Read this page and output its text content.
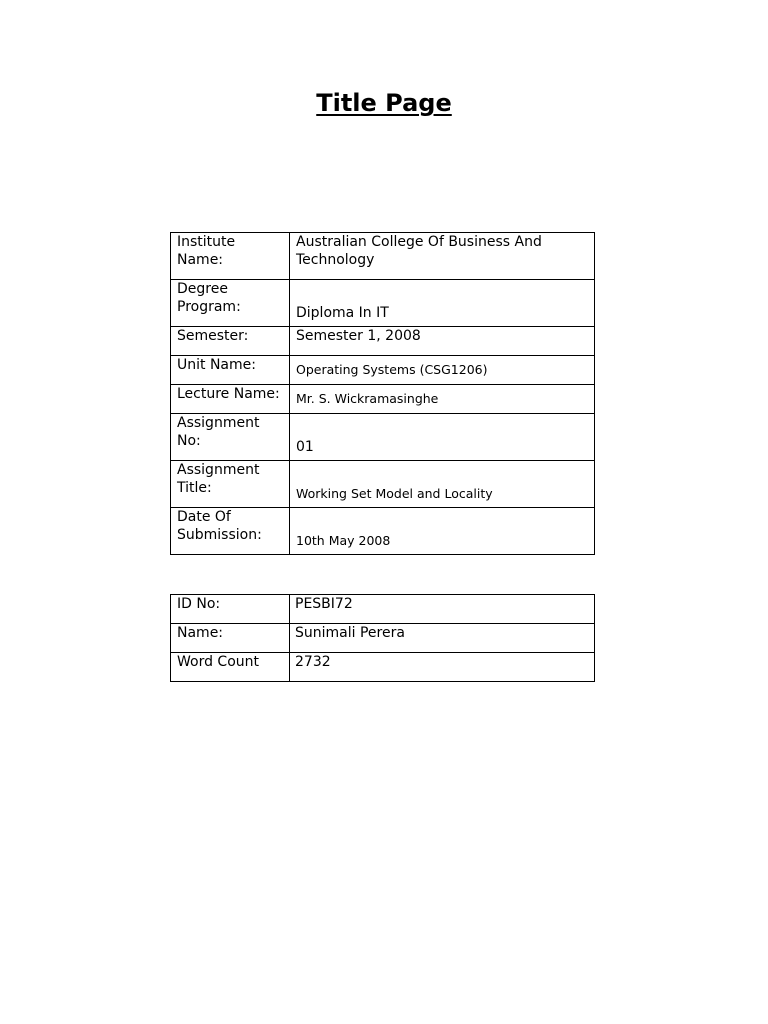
Title Page
Institute Name:	Australian College Of Business And Technology
Degree Program:	Diploma In IT
Semester:	Semester 1, 2008
Unit Name:	Operating Systems (CSG1206)
Lecture Name:	Mr. S. Wickramasinghe
Assignment No:	01
Assignment Title:	Working Set Model and Locality
Date Of Submission:	10th May 2008
ID No:	PESBI72
Name:	Sunimali Perera
Word Count	2732
